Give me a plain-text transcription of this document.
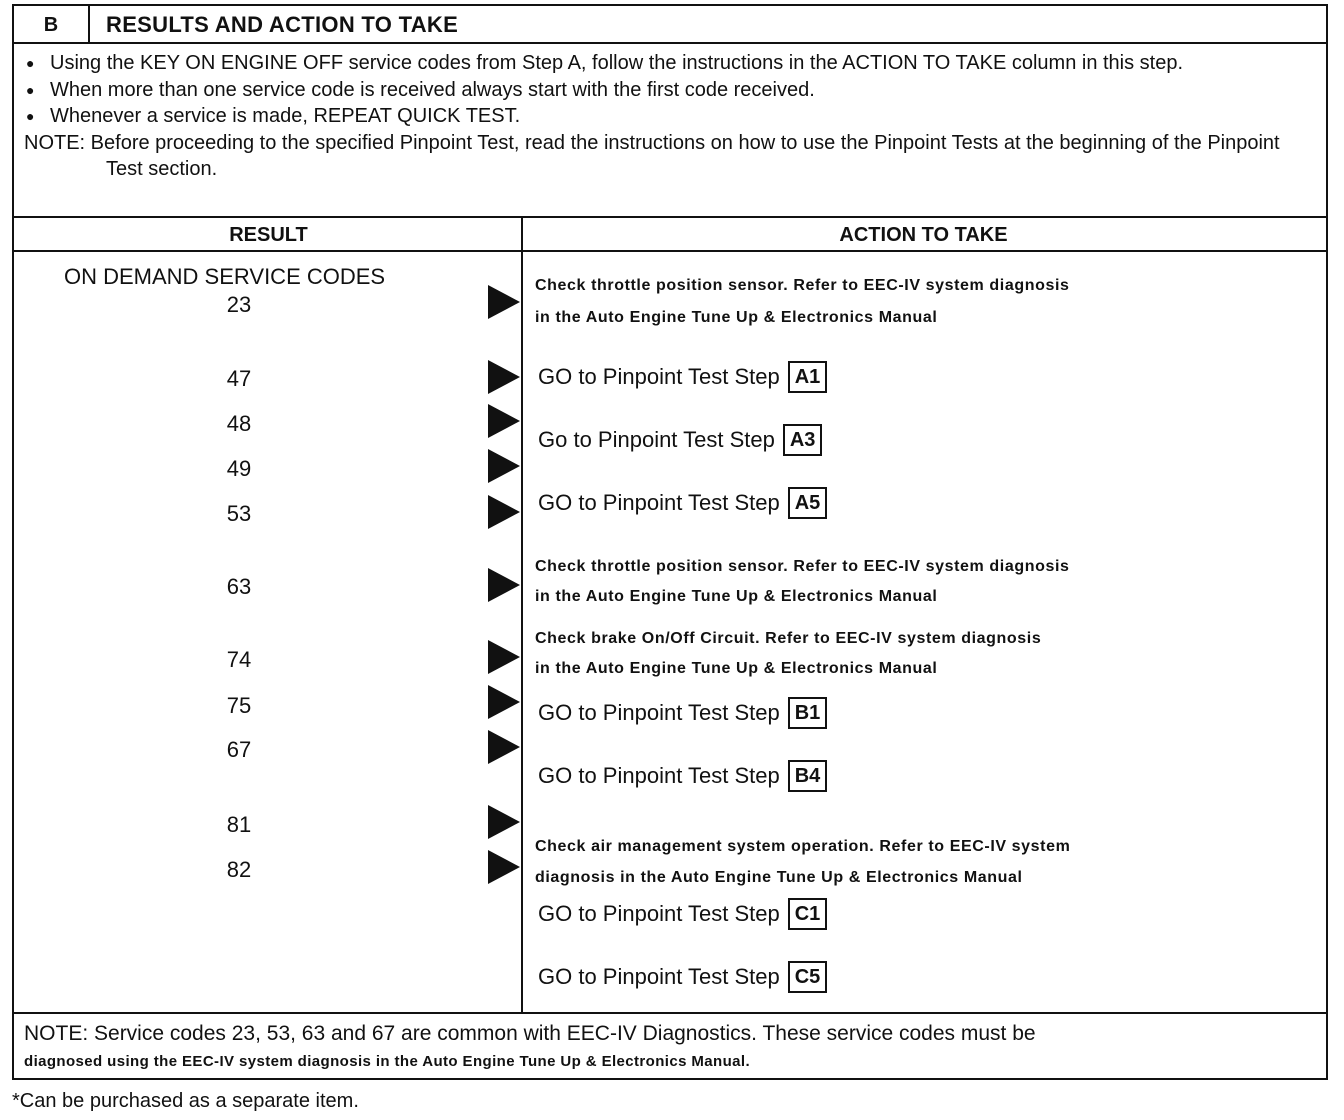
B	RESULTS AND ACTION TO TAKE
● Using the KEY ON ENGINE OFF service codes from Step A, follow the instructions in the ACTION TO TAKE column in this step.
● When more than one service code is received always start with the first code received.
● Whenever a service is made, REPEAT QUICK TEST.
NOTE: Before proceeding to the specified Pinpoint Test, read the instructions on how to use the Pinpoint Tests at the beginning of the Pinpoint Test section.
RESULT	ACTION TO TAKE
ON DEMAND SERVICE CODES
23
47
48
49
53
63
74
75
67
81
82
Check throttle position sensor. Refer to EEC-IV system diagnosis
in the Auto Engine Tune Up & Electronics Manual
GO to Pinpoint Test Step A1
Go to Pinpoint Test Step A3
GO to Pinpoint Test Step A5
Check throttle position sensor. Refer to EEC-IV system diagnosis
in the Auto Engine Tune Up & Electronics Manual
Check brake On/Off Circuit. Refer to EEC-IV system diagnosis
in the Auto Engine Tune Up & Electronics Manual
GO to Pinpoint Test Step B1
GO to Pinpoint Test Step B4
Check air management system operation. Refer to EEC-IV system
diagnosis in the Auto Engine Tune Up & Electronics Manual
GO to Pinpoint Test Step C1
GO to Pinpoint Test Step C5
NOTE: Service codes 23, 53, 63 and 67 are common with EEC-IV Diagnostics. These service codes must be
diagnosed using the EEC-IV system diagnosis in the Auto Engine Tune Up & Electronics Manual.
*Can be purchased as a separate item.
